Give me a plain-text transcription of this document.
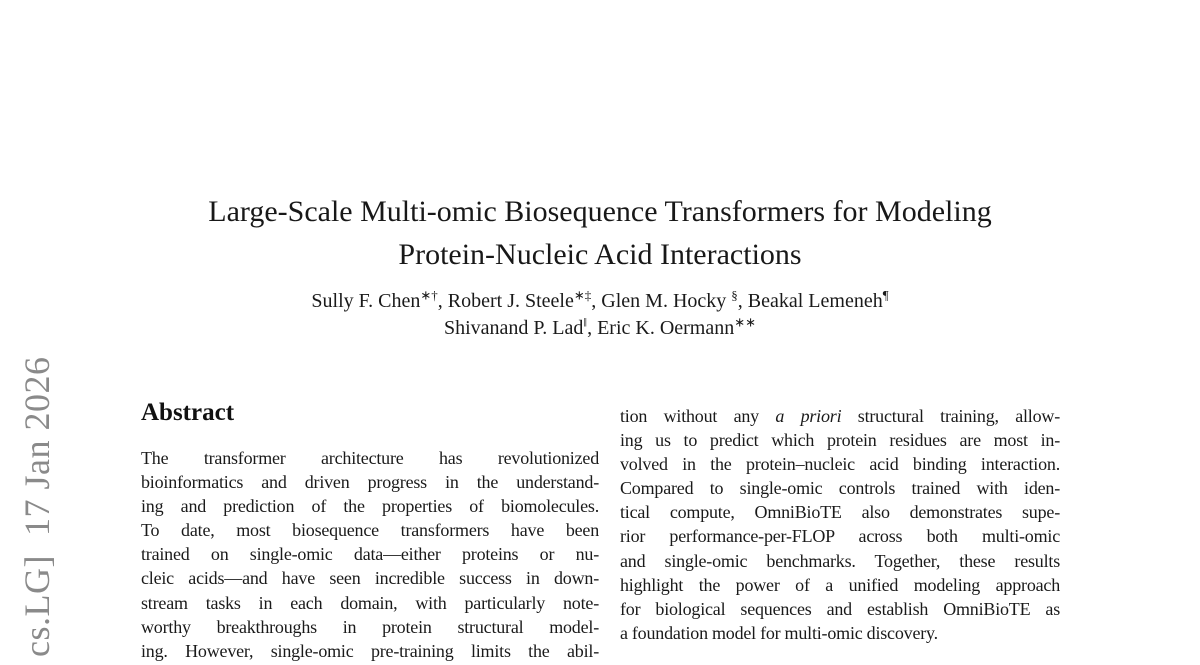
cs.LG]  17 Jan 2026
Large-Scale Multi-omic Biosequence Transformers for Modeling
Protein-Nucleic Acid Interactions
Sully F. Chen∗†, Robert J. Steele∗‡, Glen M. Hocky §, Beakal Lemeneh¶
Shivanand P. Lad‖, Eric K. Oermann∗∗
Abstract
The transformer architecture has revolutionized
bioinformatics and driven progress in the understand-
ing and prediction of the properties of biomolecules.
To date, most biosequence transformers have been
trained on single-omic data—either proteins or nu-
cleic acids—and have seen incredible success in down-
stream tasks in each domain, with particularly note-
worthy breakthroughs in protein structural model-
ing. However, single-omic pre-training limits the abil-
tion without any a priori structural training, allow-
ing us to predict which protein residues are most in-
volved in the protein–nucleic acid binding interaction.
Compared to single-omic controls trained with iden-
tical compute, OmniBioTE also demonstrates supe-
rior performance-per-FLOP across both multi-omic
and single-omic benchmarks. Together, these results
highlight the power of a unified modeling approach
for biological sequences and establish OmniBioTE as
a foundation model for multi-omic discovery.
